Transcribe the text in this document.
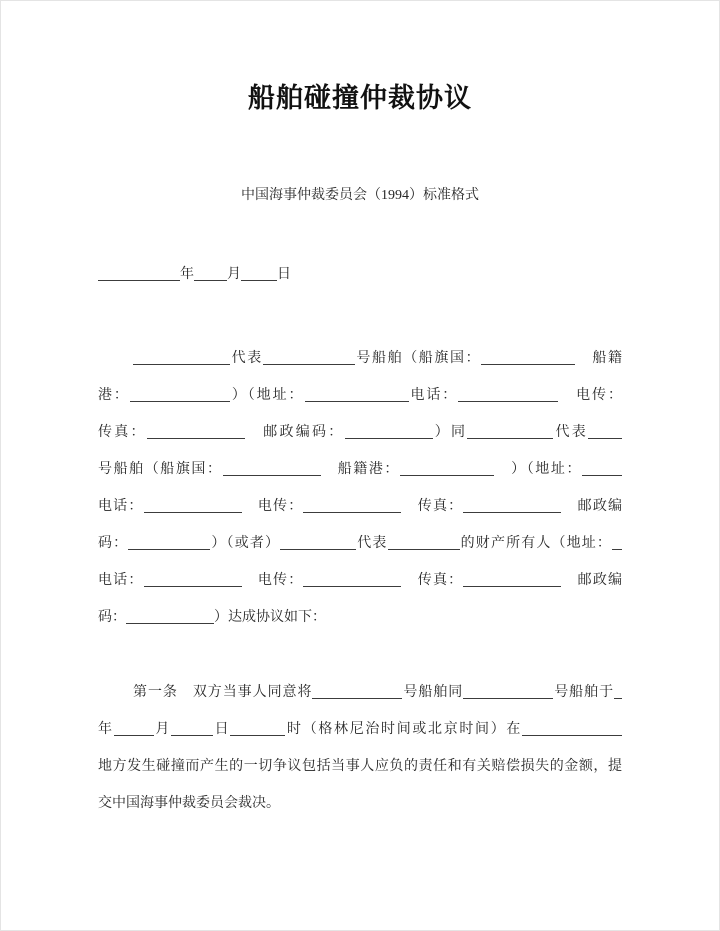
船舶碰撞仲裁协议
中国海事仲裁委员会（1994）标准格式
年 月	日
代表	号船舶（船旗国：	　船籍
港：	）（地址：	电话：	　电传：
传真：	　邮政编码：	）同	代表
号船舶（船旗国：	　船籍港：	　）（地址：
电话：	　电传：	　传真：	　邮政编
码：	）（或者）	代表	的财产所有人（地址：
电话：	　电传：	　传真：	　邮政编
码：	）达成协议如下：
第一条　双方当事人同意将	号船舶同	号船舶于
年	月	日	时（格林尼治时间或北京时间）在
地方发生碰撞而产生的一切争议包括当事人应负的责任和有关赔偿损失的金额，提
交中国海事仲裁委员会裁决。
